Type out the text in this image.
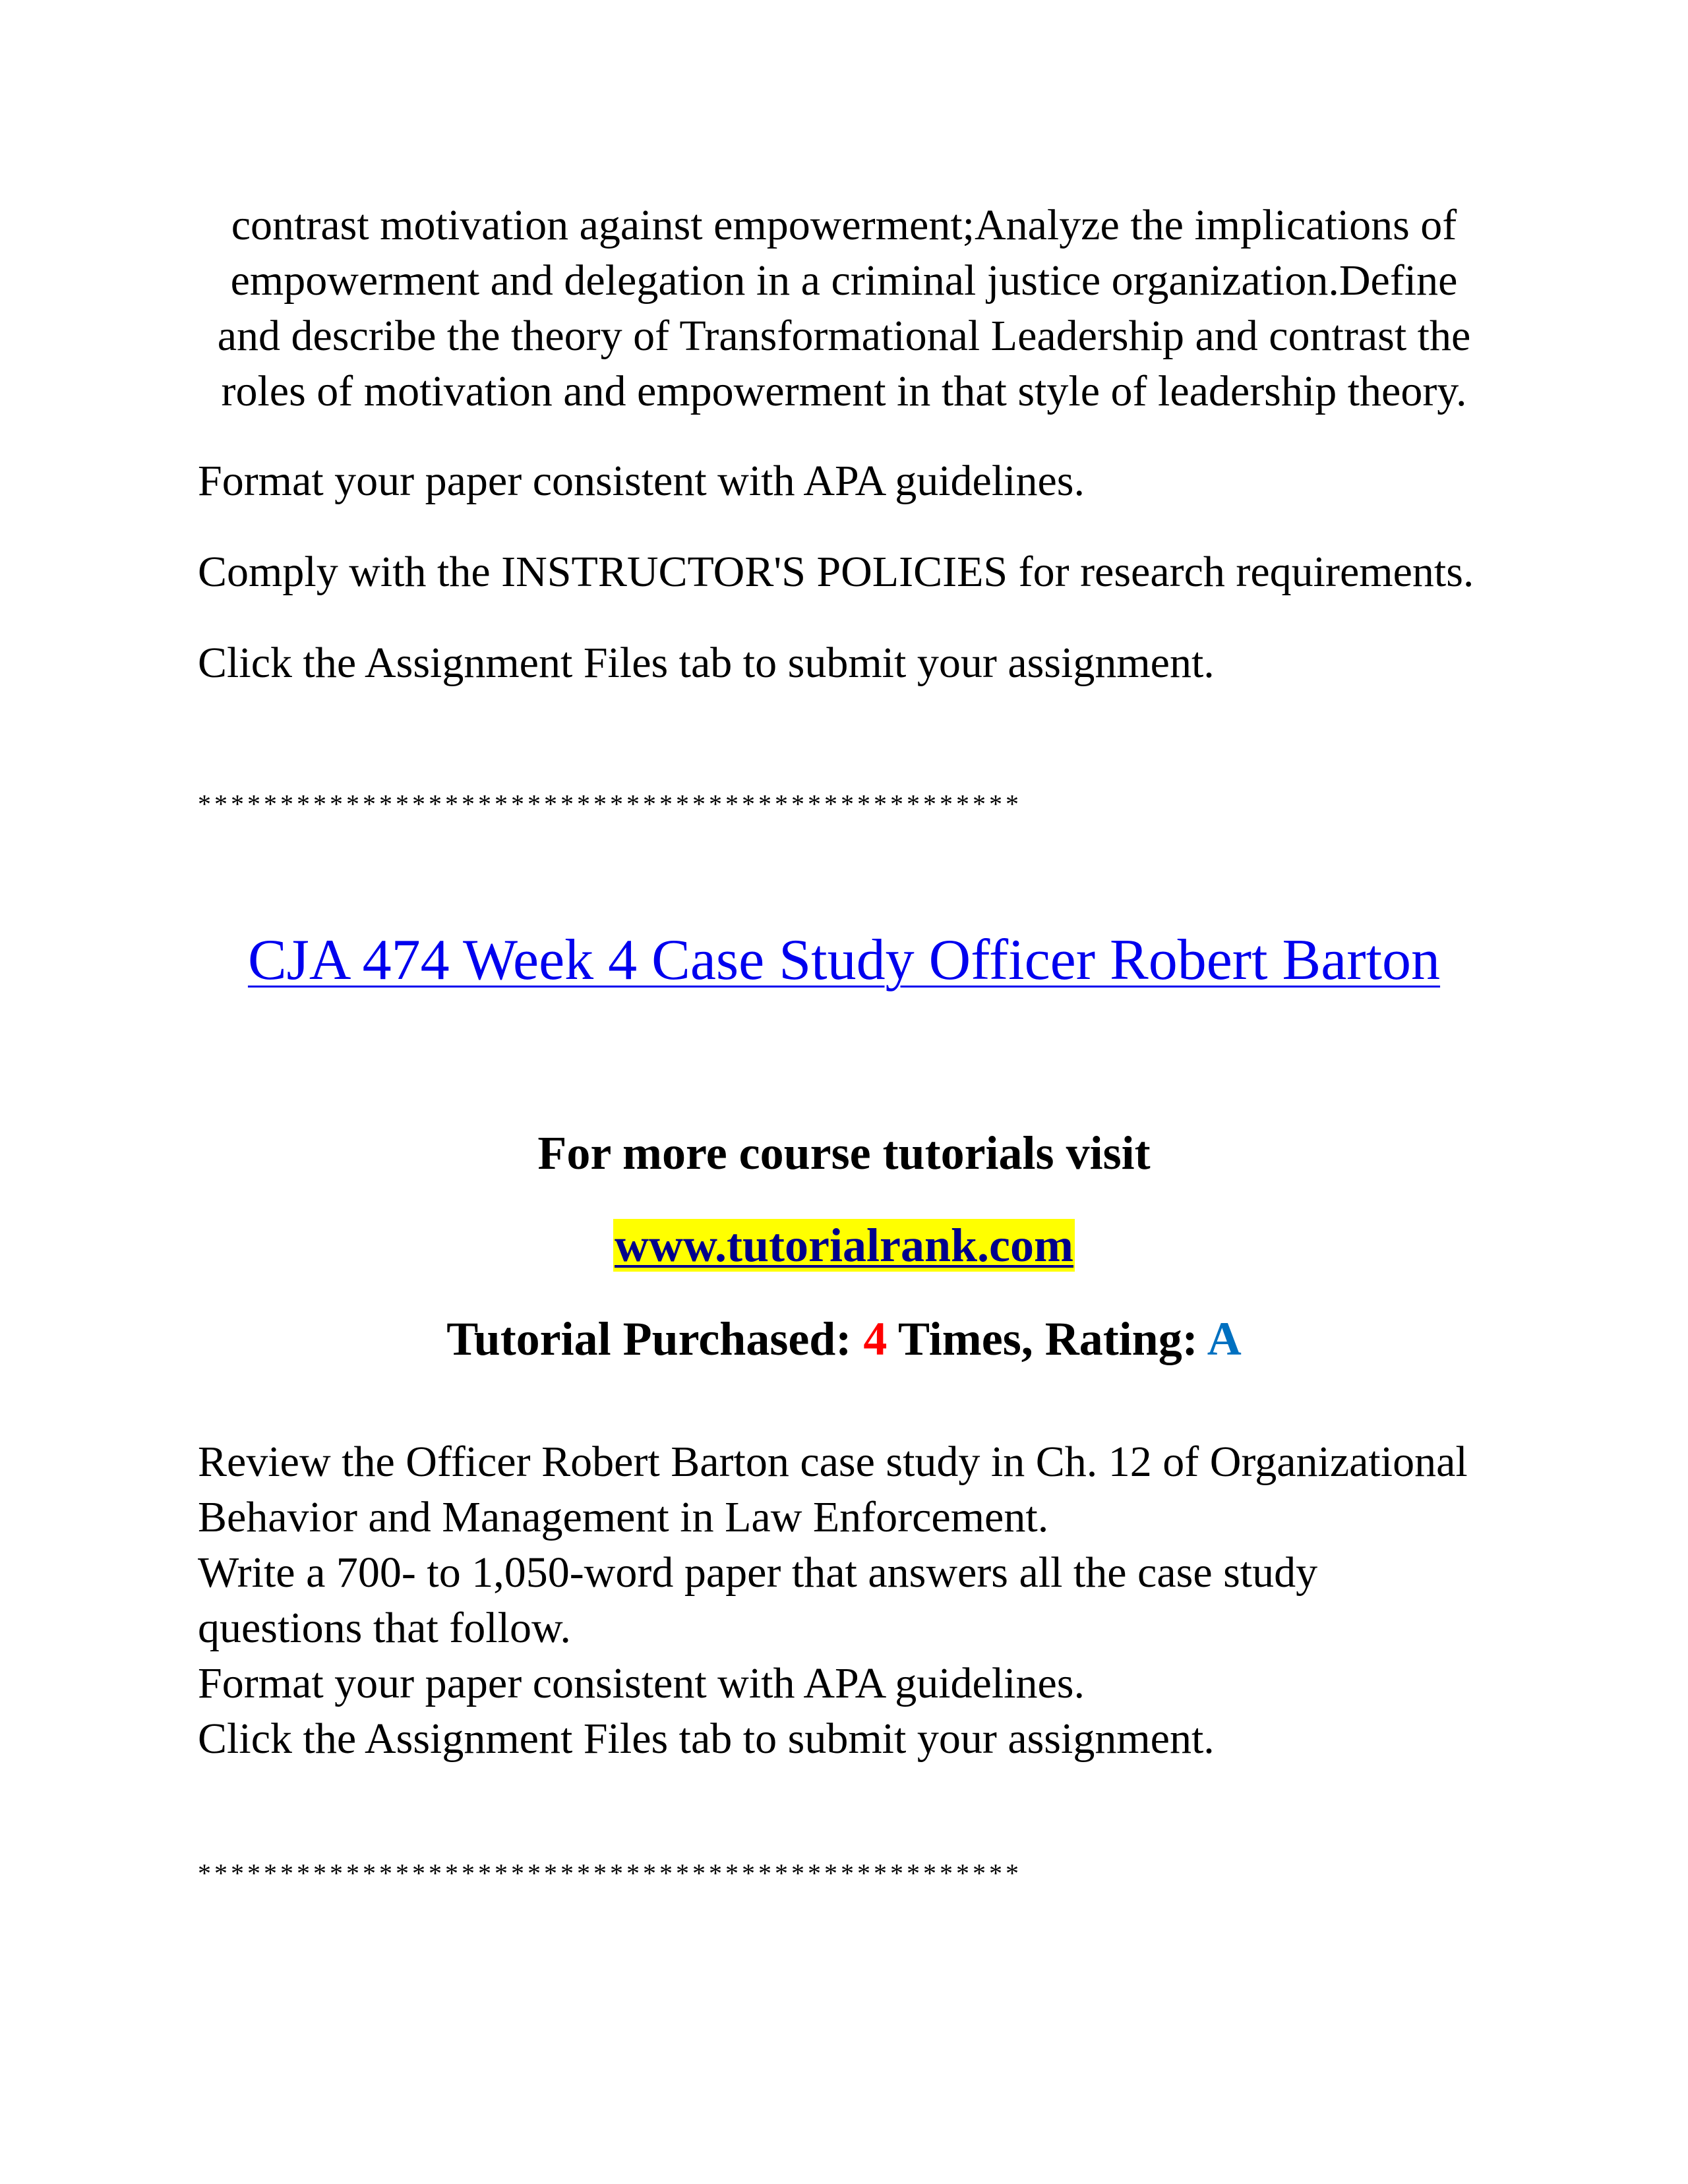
contrast motivation against empowerment;Analyze the implications of
empowerment and delegation in a criminal justice organization.Define
and describe the theory of Transformational Leadership and contrast the
roles of motivation and empowerment in that style of leadership theory.
Format your paper consistent with APA guidelines.
Comply with the INSTRUCTOR'S POLICIES for research requirements.
Click the Assignment Files tab to submit your assignment.
**************************************************
CJA 474 Week 4 Case Study Officer Robert Barton
For more course tutorials visit
www.tutorialrank.com
Tutorial Purchased: 4 Times, Rating: A
Review the Officer Robert Barton case study in Ch. 12 of Organizational
Behavior and Management in Law Enforcement.
Write a 700- to 1,050-word paper that answers all the case study
questions that follow.
Format your paper consistent with APA guidelines.
Click the Assignment Files tab to submit your assignment.
**************************************************
